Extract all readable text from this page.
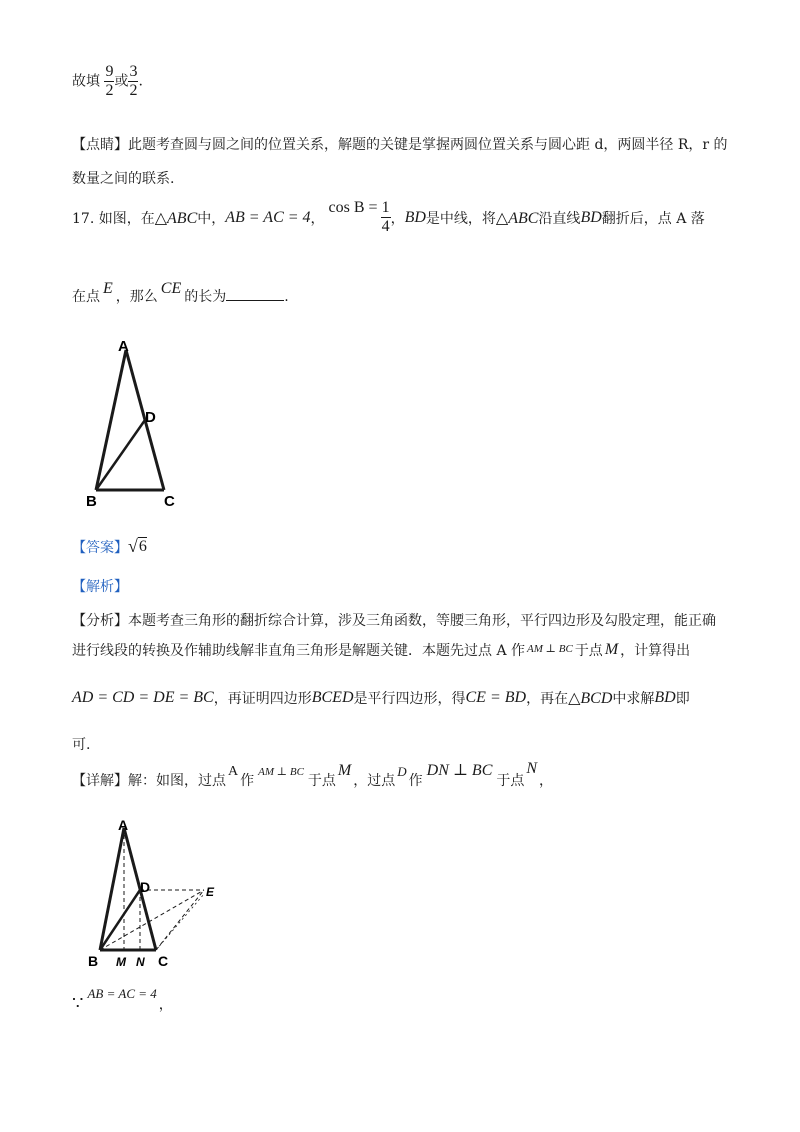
故填 $\frac{9}{2}$ 或 $\frac{3}{2}$ .
【点睛】此题考查圆与圆之间的位置关系，解题的关键是掌握两圆位置关系与圆心距 d，两圆半径 R，r 的
数量之间的联系.
17. 如图，在 △ABC 中， AB = AC = 4 ，
$\cos B = \frac{1}{4}$ ， BD 是中线，将 △ABC 沿直线 BD 翻折后，点 A 落
在点 E ，那么 CE 的长为	.
A
D
B	C
【答案】 √ 6
【解析】
【分析】本题考查三角形的翻折综合计算，涉及三角函数，等腰三角形，平行四边形及勾股定理，能正确
进行线段的转换及作辅助线解非直角三角形是解题关键．本题先过点 A 作 AM ⊥ BC 于点 M ，计算得出
AD = CD = DE = BC ，再证明四边形 BCED 是平行四边形，得 CE = BD ，再在 △BCD 中求解 BD 即
可.
【详解】 解：如图，过点
A
作
AM ⊥ BC
于点
M
，过点
D
作
DN ⊥ BC
于点
N
，
A
D	E
B M N C
∵ AB = AC = 4
，
